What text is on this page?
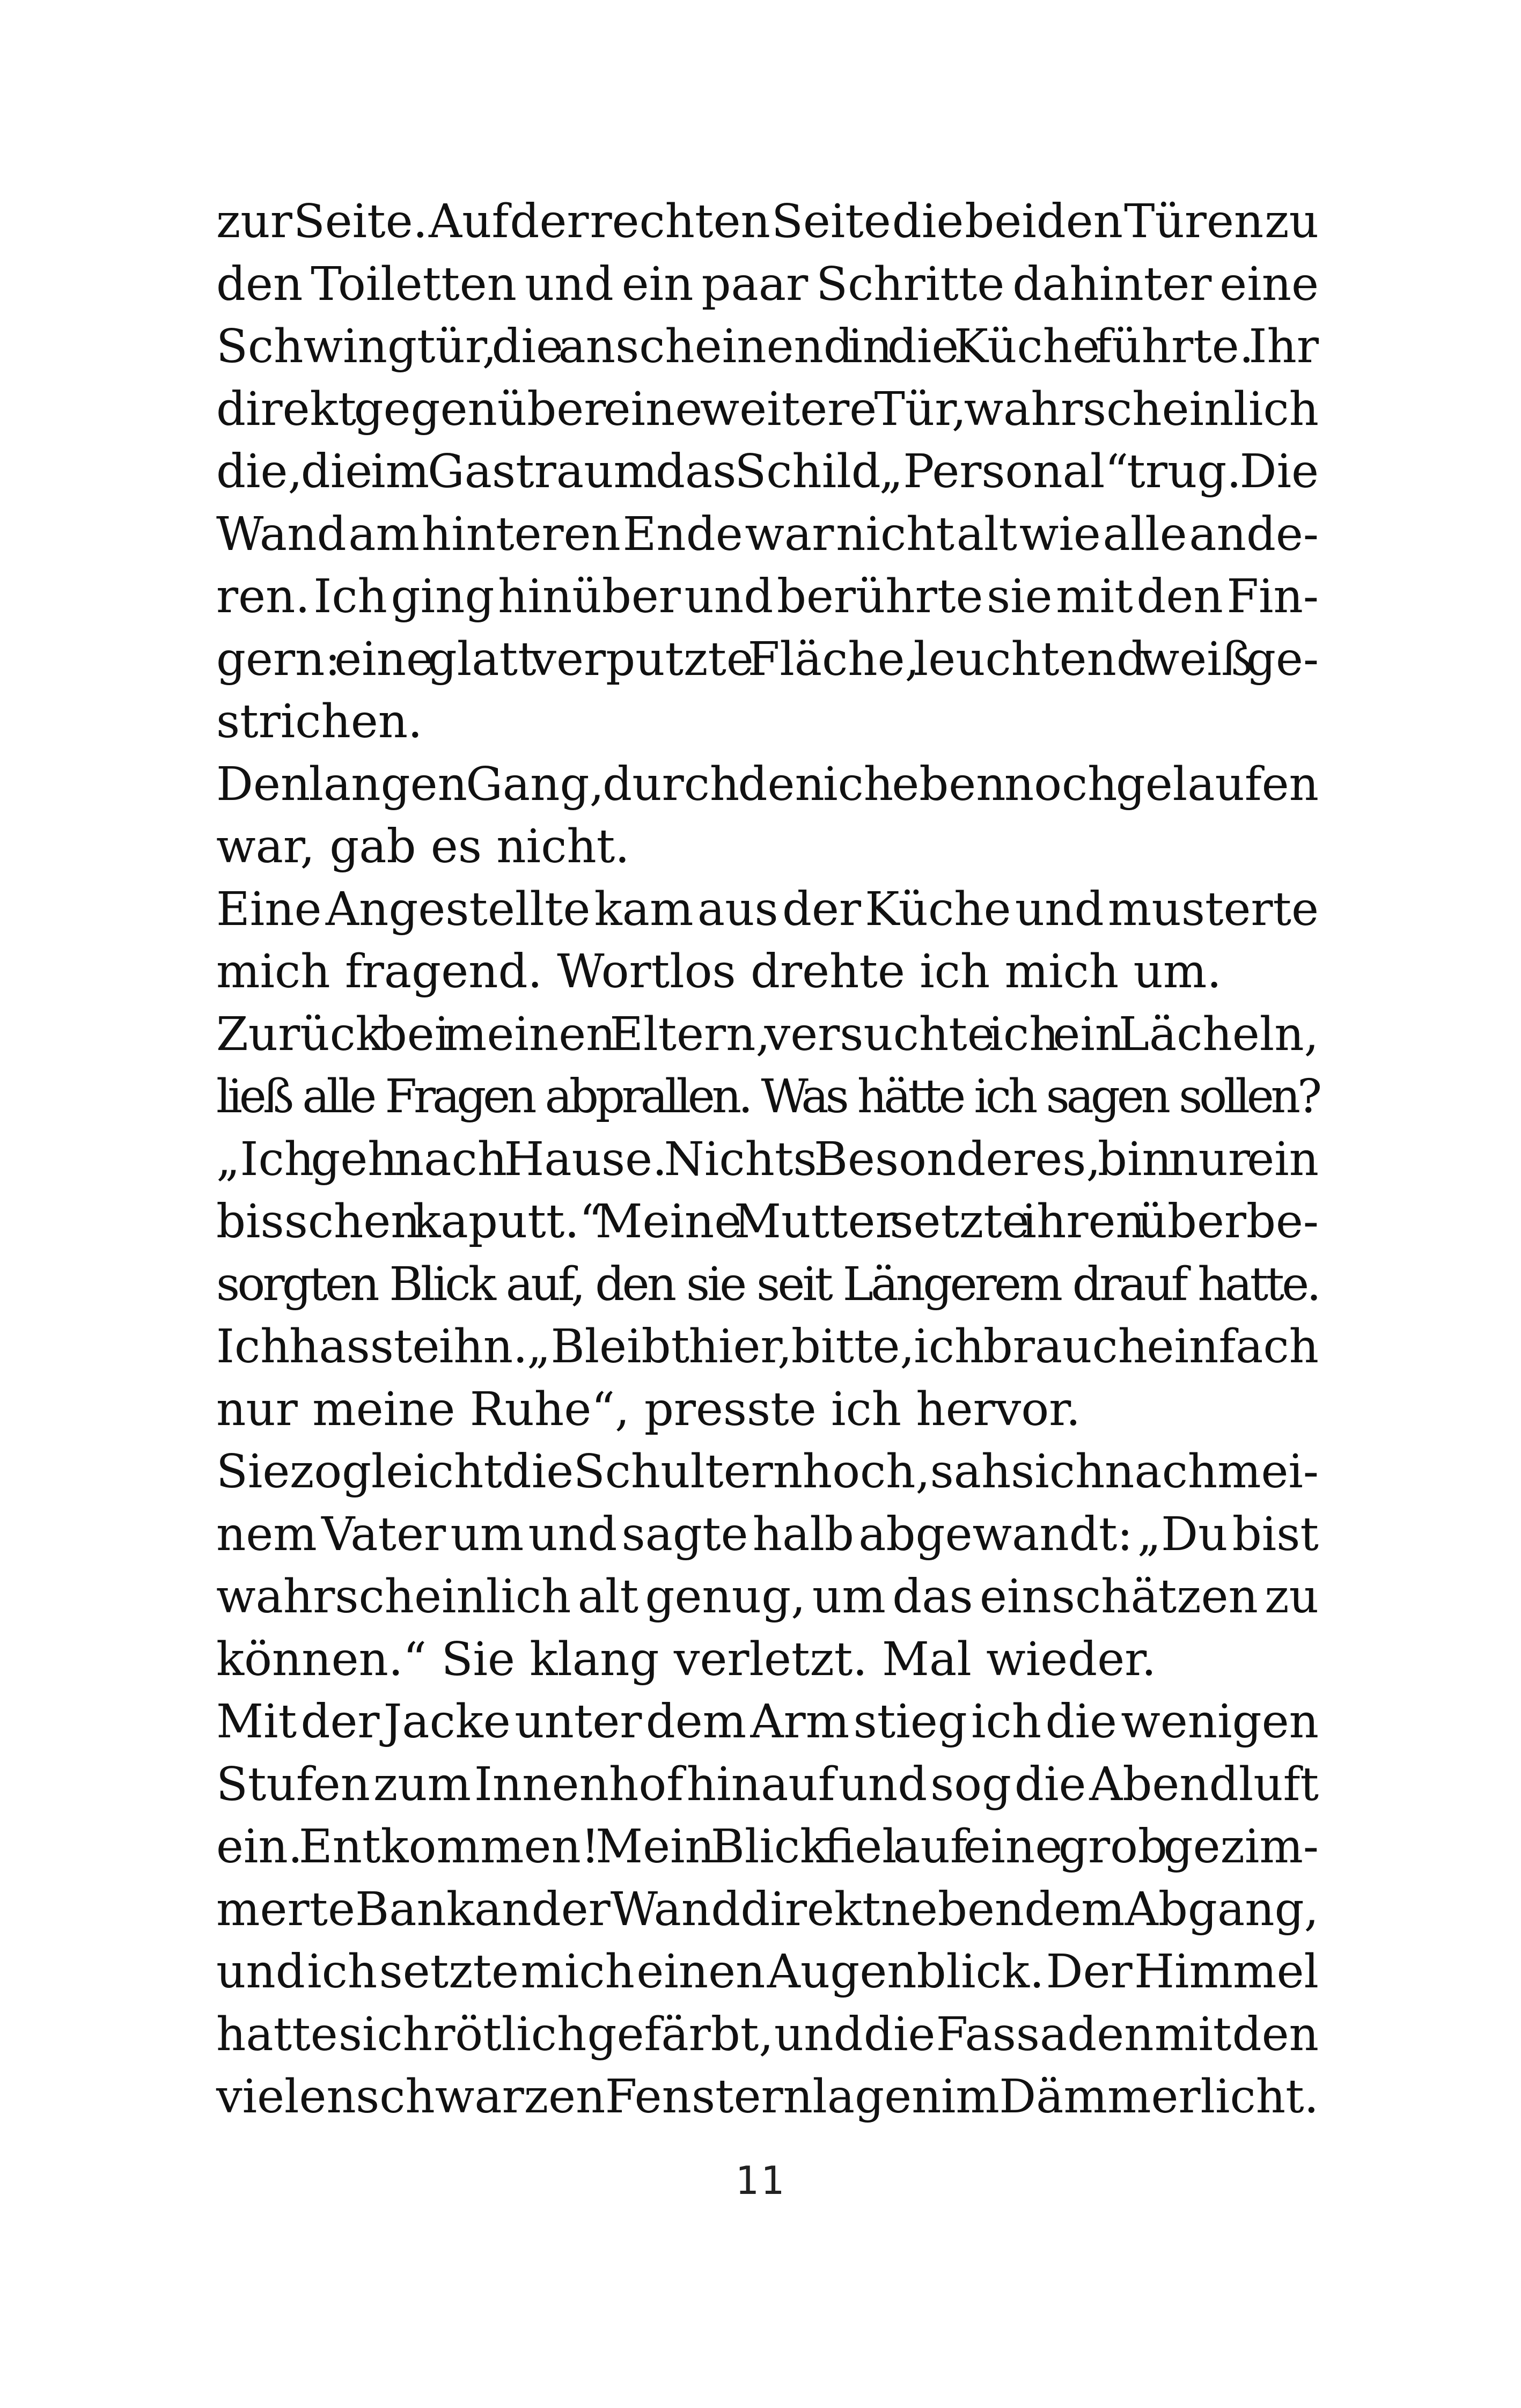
zur Seite. Auf der rechten Seite die beiden Türen zu
den Toiletten und ein paar Schritte dahinter eine
Schwingtür, die anscheinend in die Küche führte. Ihr
direkt gegenüber eine weitere Tür, wahrscheinlich
die, die im Gastraum das Schild „Personal“ trug. Die
Wand am hinteren Ende war nicht alt wie alle ande-
ren. Ich ging hinüber und berührte sie mit den Fin-
gern: eine glatt verputzte Fläche, leuchtend weiß ge-
strichen.
Den langen Gang, durch den ich eben noch gelaufen
war, gab es nicht.
Eine Angestellte kam aus der Küche und musterte
mich fragend. Wortlos drehte ich mich um.
Zurück bei meinen Eltern, versuchte ich ein Lächeln,
ließ alle Fragen abprallen. Was hätte ich sagen sollen?
„Ich geh nach Hause. Nichts Besonderes, bin nur ein
bisschen kaputt.“ Meine Mutter setzte ihren überbe-
sorgten Blick auf, den sie seit Längerem drauf hatte.
Ich hasste ihn. „Bleibt hier, bitte, ich brauch einfach
nur meine Ruhe“, presste ich hervor.
Sie zog leicht die Schultern hoch, sah sich nach mei-
nem Vater um und sagte halb abgewandt: „Du bist
wahrscheinlich alt genug, um das einschätzen zu
können.“ Sie klang verletzt. Mal wieder.
Mit der Jacke unter dem Arm stieg ich die wenigen
Stufen zum Innenhof hinauf und sog die Abendluft
ein. Entkommen! Mein Blick fiel auf eine grob gezim-
merte Bank an der Wand direkt neben dem Abgang,
und ich setzte mich einen Augenblick. Der Himmel
hatte sich rötlich gefärbt, und die Fassaden mit den
vielen schwarzen Fenstern lagen im Dämmerlicht.
11
